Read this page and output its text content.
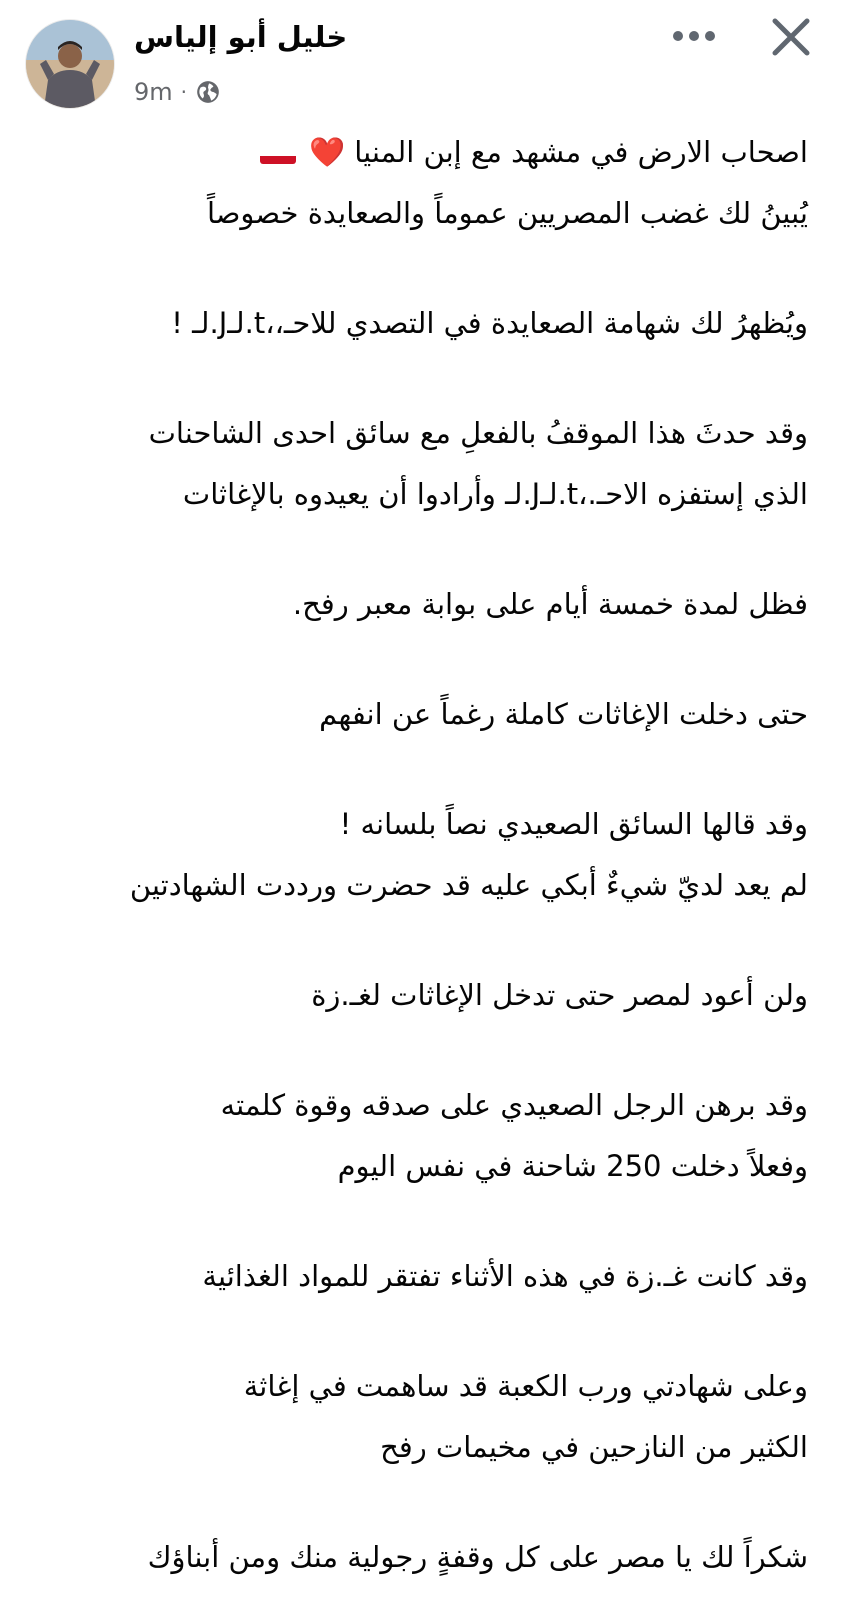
خليل أبو إلياس
9m ·
اصحاب الارض في مشهد مع إبن المنيا ❤️
يُبينُ لك غضب المصريين عموماً والصعايدة خصوصاً
ويُظهرُ لك شهامة الصعايدة في التصدي للاحـ،،t.لـJ.لـ !
وقد حدثَ هذا الموقفُ بالفعلِ مع سائق احدى الشاحنات
الذي إستفزه الاحـ.،t.لـJ.لـ وأرادوا أن يعيدوه بالإغاثات
فظل لمدة خمسة أيام على بوابة معبر رفح.
حتى دخلت الإغاثات كاملة رغماً عن انفهم
وقد قالها السائق الصعيدي نصاً بلسانه !
لم يعد لديّ شيءٌ أبكي عليه قد حضرت ورددت الشهادتين
ولن أعود لمصر حتى تدخل الإغاثات لغـ.زة
وقد برهن الرجل الصعيدي على صدقه وقوة كلمته
وفعلاً دخلت 250 شاحنة في نفس اليوم
وقد كانت غـ.زة في هذه الأثناء تفتقر للمواد الغذائية
وعلى شهادتي ورب الكعبة قد ساهمت في إغاثة
الكثير من النازحين في مخيمات رفح
شكراً لك يا مصر على كل وقفةٍ رجولية منك ومن أبناؤك
